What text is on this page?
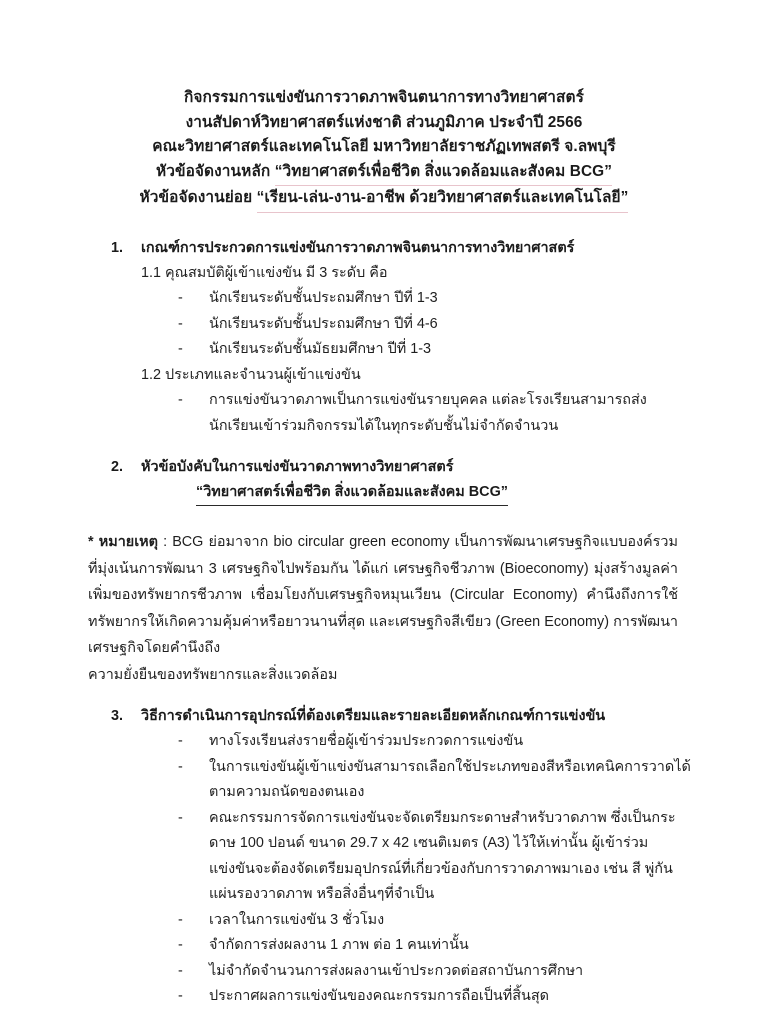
กิจกรรมการแข่งขันการวาดภาพจินตนาการทางวิทยาศาสตร์
งานสัปดาห์วิทยาศาสตร์แห่งชาติ ส่วนภูมิภาค ประจำปี 2566
คณะวิทยาศาสตร์และเทคโนโลยี มหาวิทยาลัยราชภัฏเทพสตรี จ.ลพบุรี
หัวข้อจัดงานหลัก “วิทยาศาสตร์เพื่อชีวิต สิ่งแวดล้อมและสังคม BCG”
หัวข้อจัดงานย่อย “เรียน-เล่น-งาน-อาชีพ ด้วยวิทยาศาสตร์และเทคโนโลยี”
1.	เกณฑ์การประกวดการแข่งขันการวาดภาพจินตนาการทางวิทยาศาสตร์
1.1 คุณสมบัติผู้เข้าแข่งขัน มี 3 ระดับ คือ
-	นักเรียนระดับชั้นประถมศึกษา ปีที่ 1-3
-	นักเรียนระดับชั้นประถมศึกษา ปีที่ 4-6
-	นักเรียนระดับชั้นมัธยมศึกษา ปีที่ 1-3
1.2 ประเภทและจำนวนผู้เข้าแข่งขัน
-	การแข่งขันวาดภาพเป็นการแข่งขันรายบุคคล แต่ละโรงเรียนสามารถส่งนักเรียนเข้าร่วมกิจกรรมได้ในทุกระดับชั้นไม่จำกัดจำนวน
2.	หัวข้อบังคับในการแข่งขันวาดภาพทางวิทยาศาสตร์
“วิทยาศาสตร์เพื่อชีวิต สิ่งแวดล้อมและสังคม BCG”
* หมายเหตุ : BCG ย่อมาจาก bio circular green economy เป็นการพัฒนาเศรษฐกิจแบบองค์รวม ที่มุ่งเน้นการพัฒนา 3 เศรษฐกิจไปพร้อมกัน ได้แก่ เศรษฐกิจชีวภาพ (Bioeconomy) มุ่งสร้างมูลค่าเพิ่มของทรัพยากรชีวภาพ เชื่อมโยงกับเศรษฐกิจหมุนเวียน (Circular Economy) คำนึงถึงการใช้ทรัพยากรให้เกิดความคุ้มค่าหรือยาวนานที่สุด และเศรษฐกิจสีเขียว (Green Economy) การพัฒนาเศรษฐกิจโดยคำนึงถึง
ความยั่งยืนของทรัพยากรและสิ่งแวดล้อม
3.	วิธีการดำเนินการอุปกรณ์ที่ต้องเตรียมและรายละเอียดหลักเกณฑ์การแข่งขัน
-	ทางโรงเรียนส่งรายชื่อผู้เข้าร่วมประกวดการแข่งขัน
-	ในการแข่งขันผู้เข้าแข่งขันสามารถเลือกใช้ประเภทของสีหรือเทคนิคการวาดได้ตามความถนัดของตนเอง
-	คณะกรรมการจัดการแข่งขันจะจัดเตรียมกระดาษสำหรับวาดภาพ ซึ่งเป็นกระดาษ 100 ปอนด์ ขนาด 29.7 x 42 เซนติเมตร (A3) ไว้ให้เท่านั้น ผู้เข้าร่วมแข่งขันจะต้องจัดเตรียมอุปกรณ์ที่เกี่ยวข้องกับการวาดภาพมาเอง เช่น สี พู่กัน แผ่นรองวาดภาพ หรือสิ่งอื่นๆที่จำเป็น
-	เวลาในการแข่งขัน 3 ชั่วโมง
-	จำกัดการส่งผลงาน 1 ภาพ ต่อ 1 คนเท่านั้น
-	ไม่จำกัดจำนวนการส่งผลงานเข้าประกวดต่อสถาบันการศึกษา
-	ประกาศผลการแข่งขันของคณะกรรมการถือเป็นที่สิ้นสุด
